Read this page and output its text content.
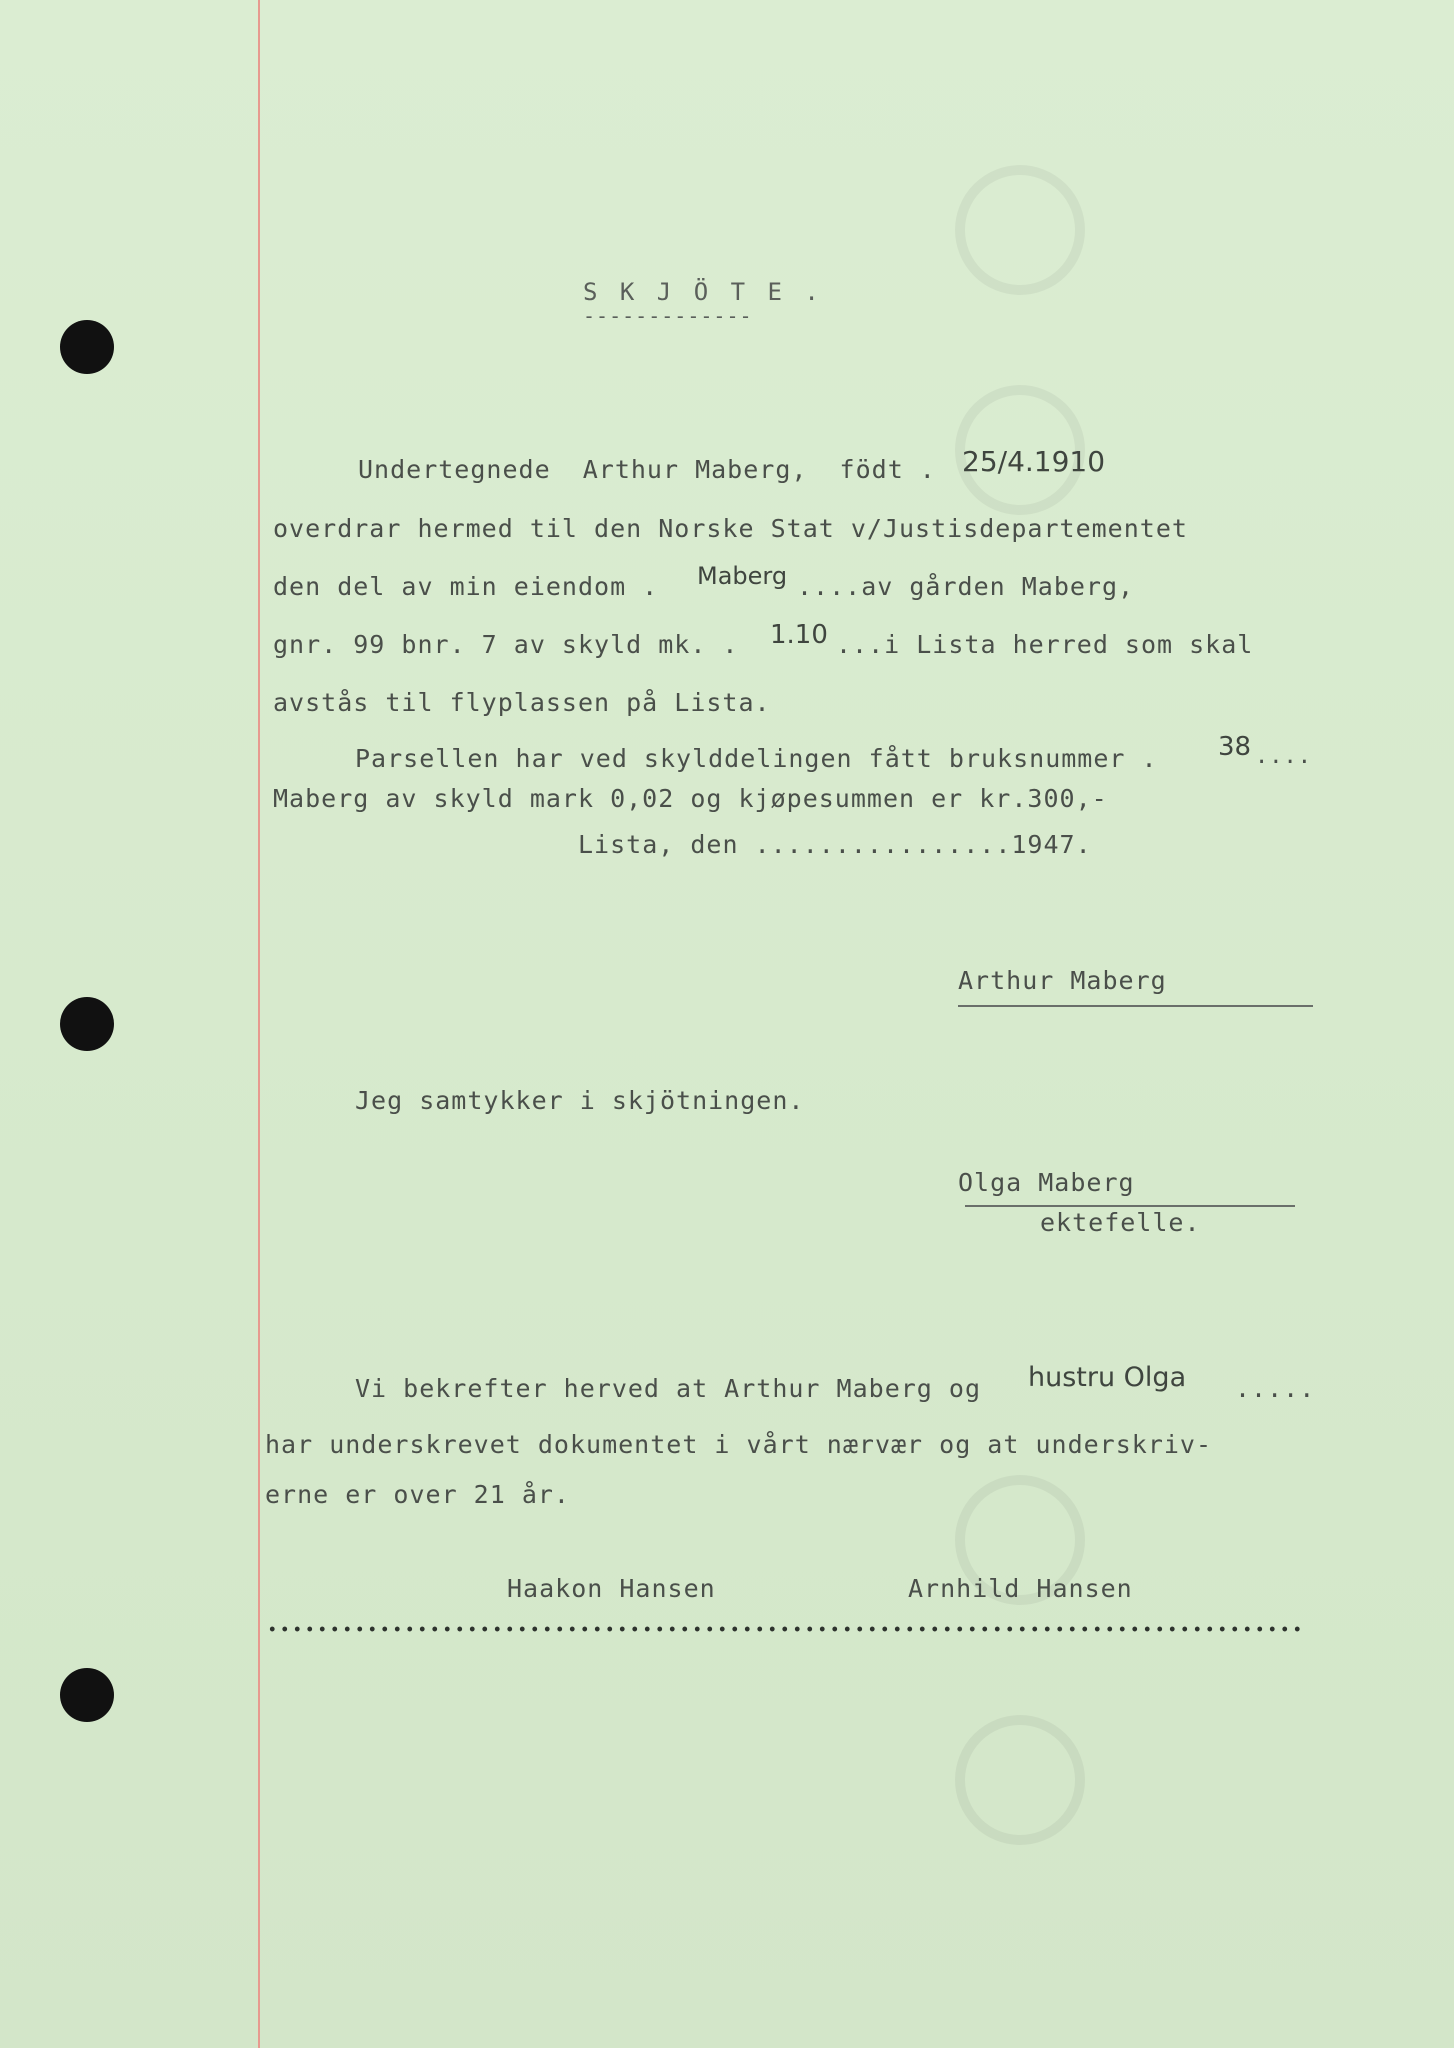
S K J Ö T E .
-------------
Undertegnede  Arthur Maberg,  födt . 25/4.1910
overdrar hermed til den Norske Stat v/Justisdepartementet
den del av min eiendom . Maberg ....av gården Maberg,
gnr. 99 bnr. 7 av skyld mk. . 1.10 ...i Lista herred som skal
avstås til flyplassen på Lista.
Parsellen har ved skylddelingen fått bruksnummer . 38 ....
Maberg av skyld mark 0,02 og kjøpesummen er kr.300,-
Lista, den ................1947.
Arthur Maberg
Jeg samtykker i skjötningen.
Olga Maberg
ektefelle.
Vi bekrefter herved at Arthur Maberg og hustru Olga .....
har underskrevet dokumentet i vårt nærvær og at underskriv-
erne er over 21 år.
Haakon Hansen	Arnhild Hansen
